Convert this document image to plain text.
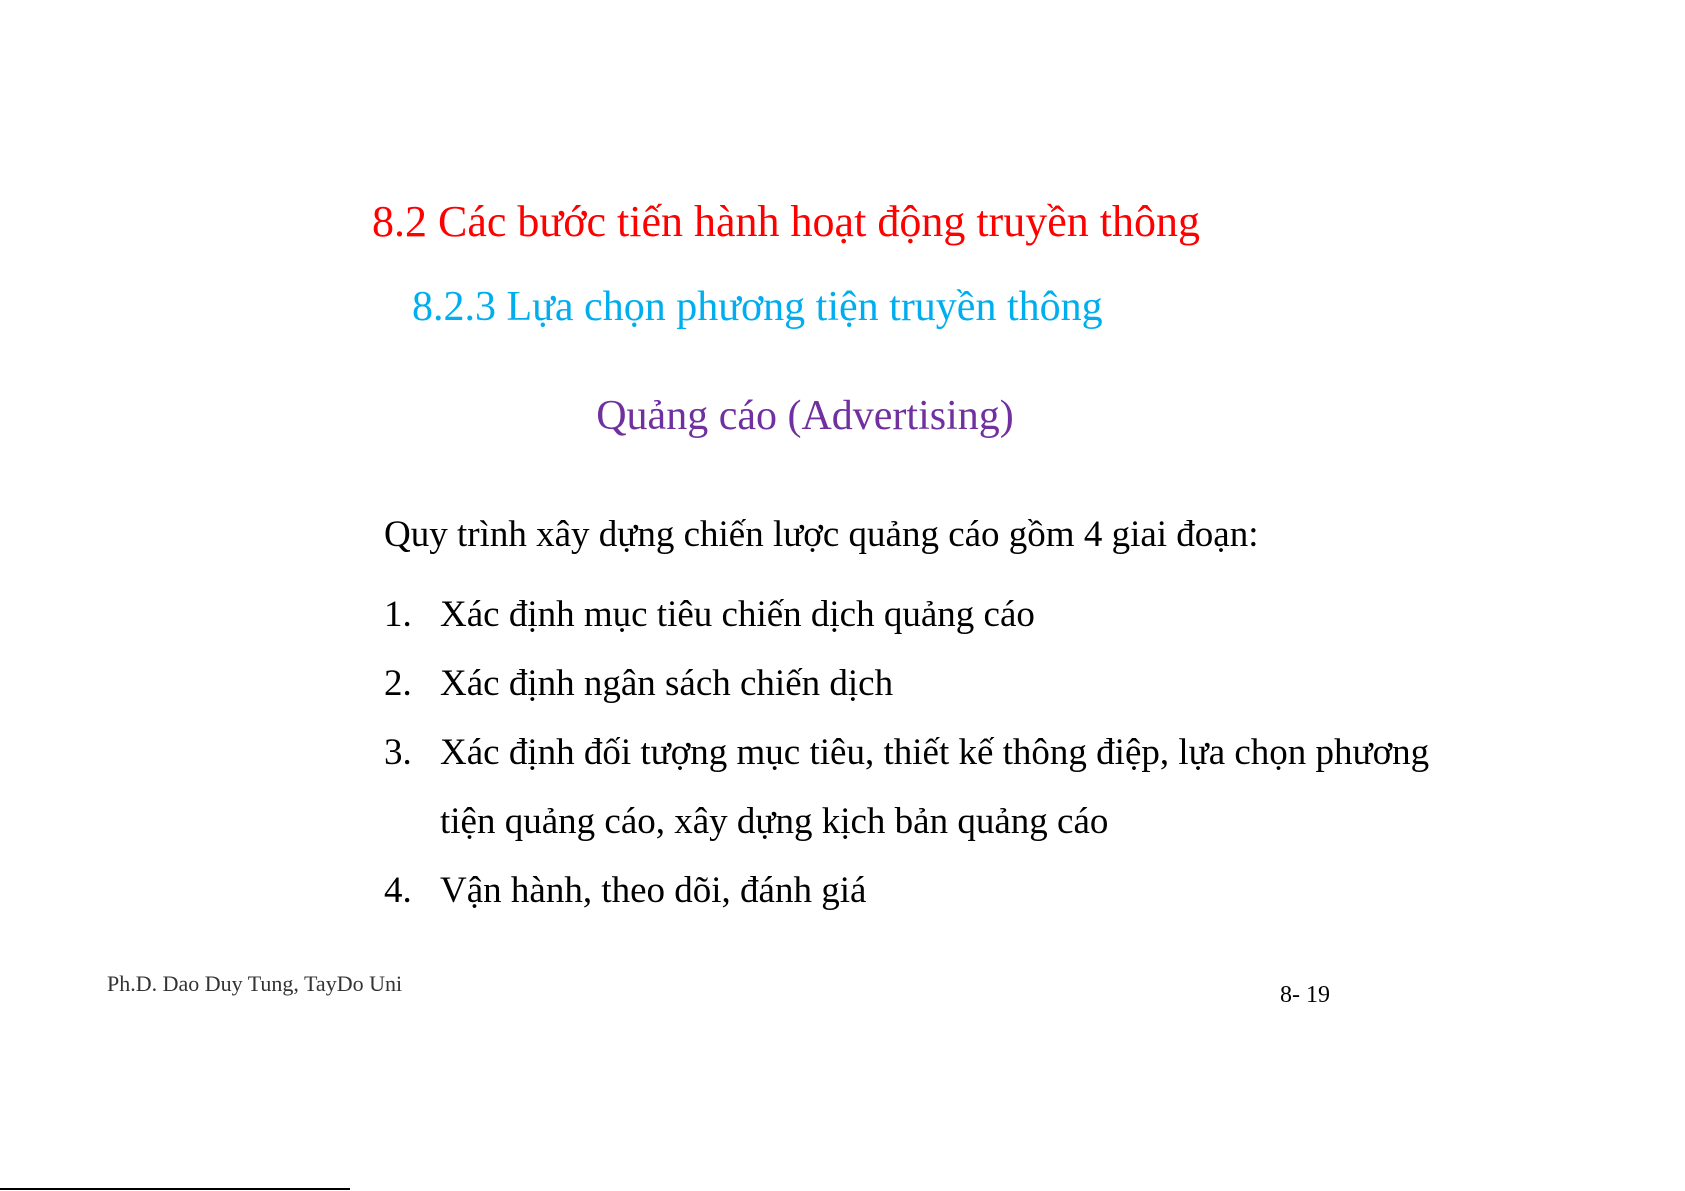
8.2 Các bước tiến hành hoạt động truyền thông
8.2.3 Lựa chọn phương tiện truyền thông
Quảng cáo (Advertising)
Quy trình xây dựng chiến lược quảng cáo gồm 4 giai đoạn:
1. Xác định mục tiêu chiến dịch quảng cáo
2. Xác định ngân sách chiến dịch
3. Xác định đối tượng mục tiêu, thiết kế thông điệp, lựa chọn phương tiện quảng cáo, xây dựng kịch bản quảng cáo
4. Vận hành, theo dõi, đánh giá
Ph.D. Dao Duy Tung, TayDo Uni	8- 19
